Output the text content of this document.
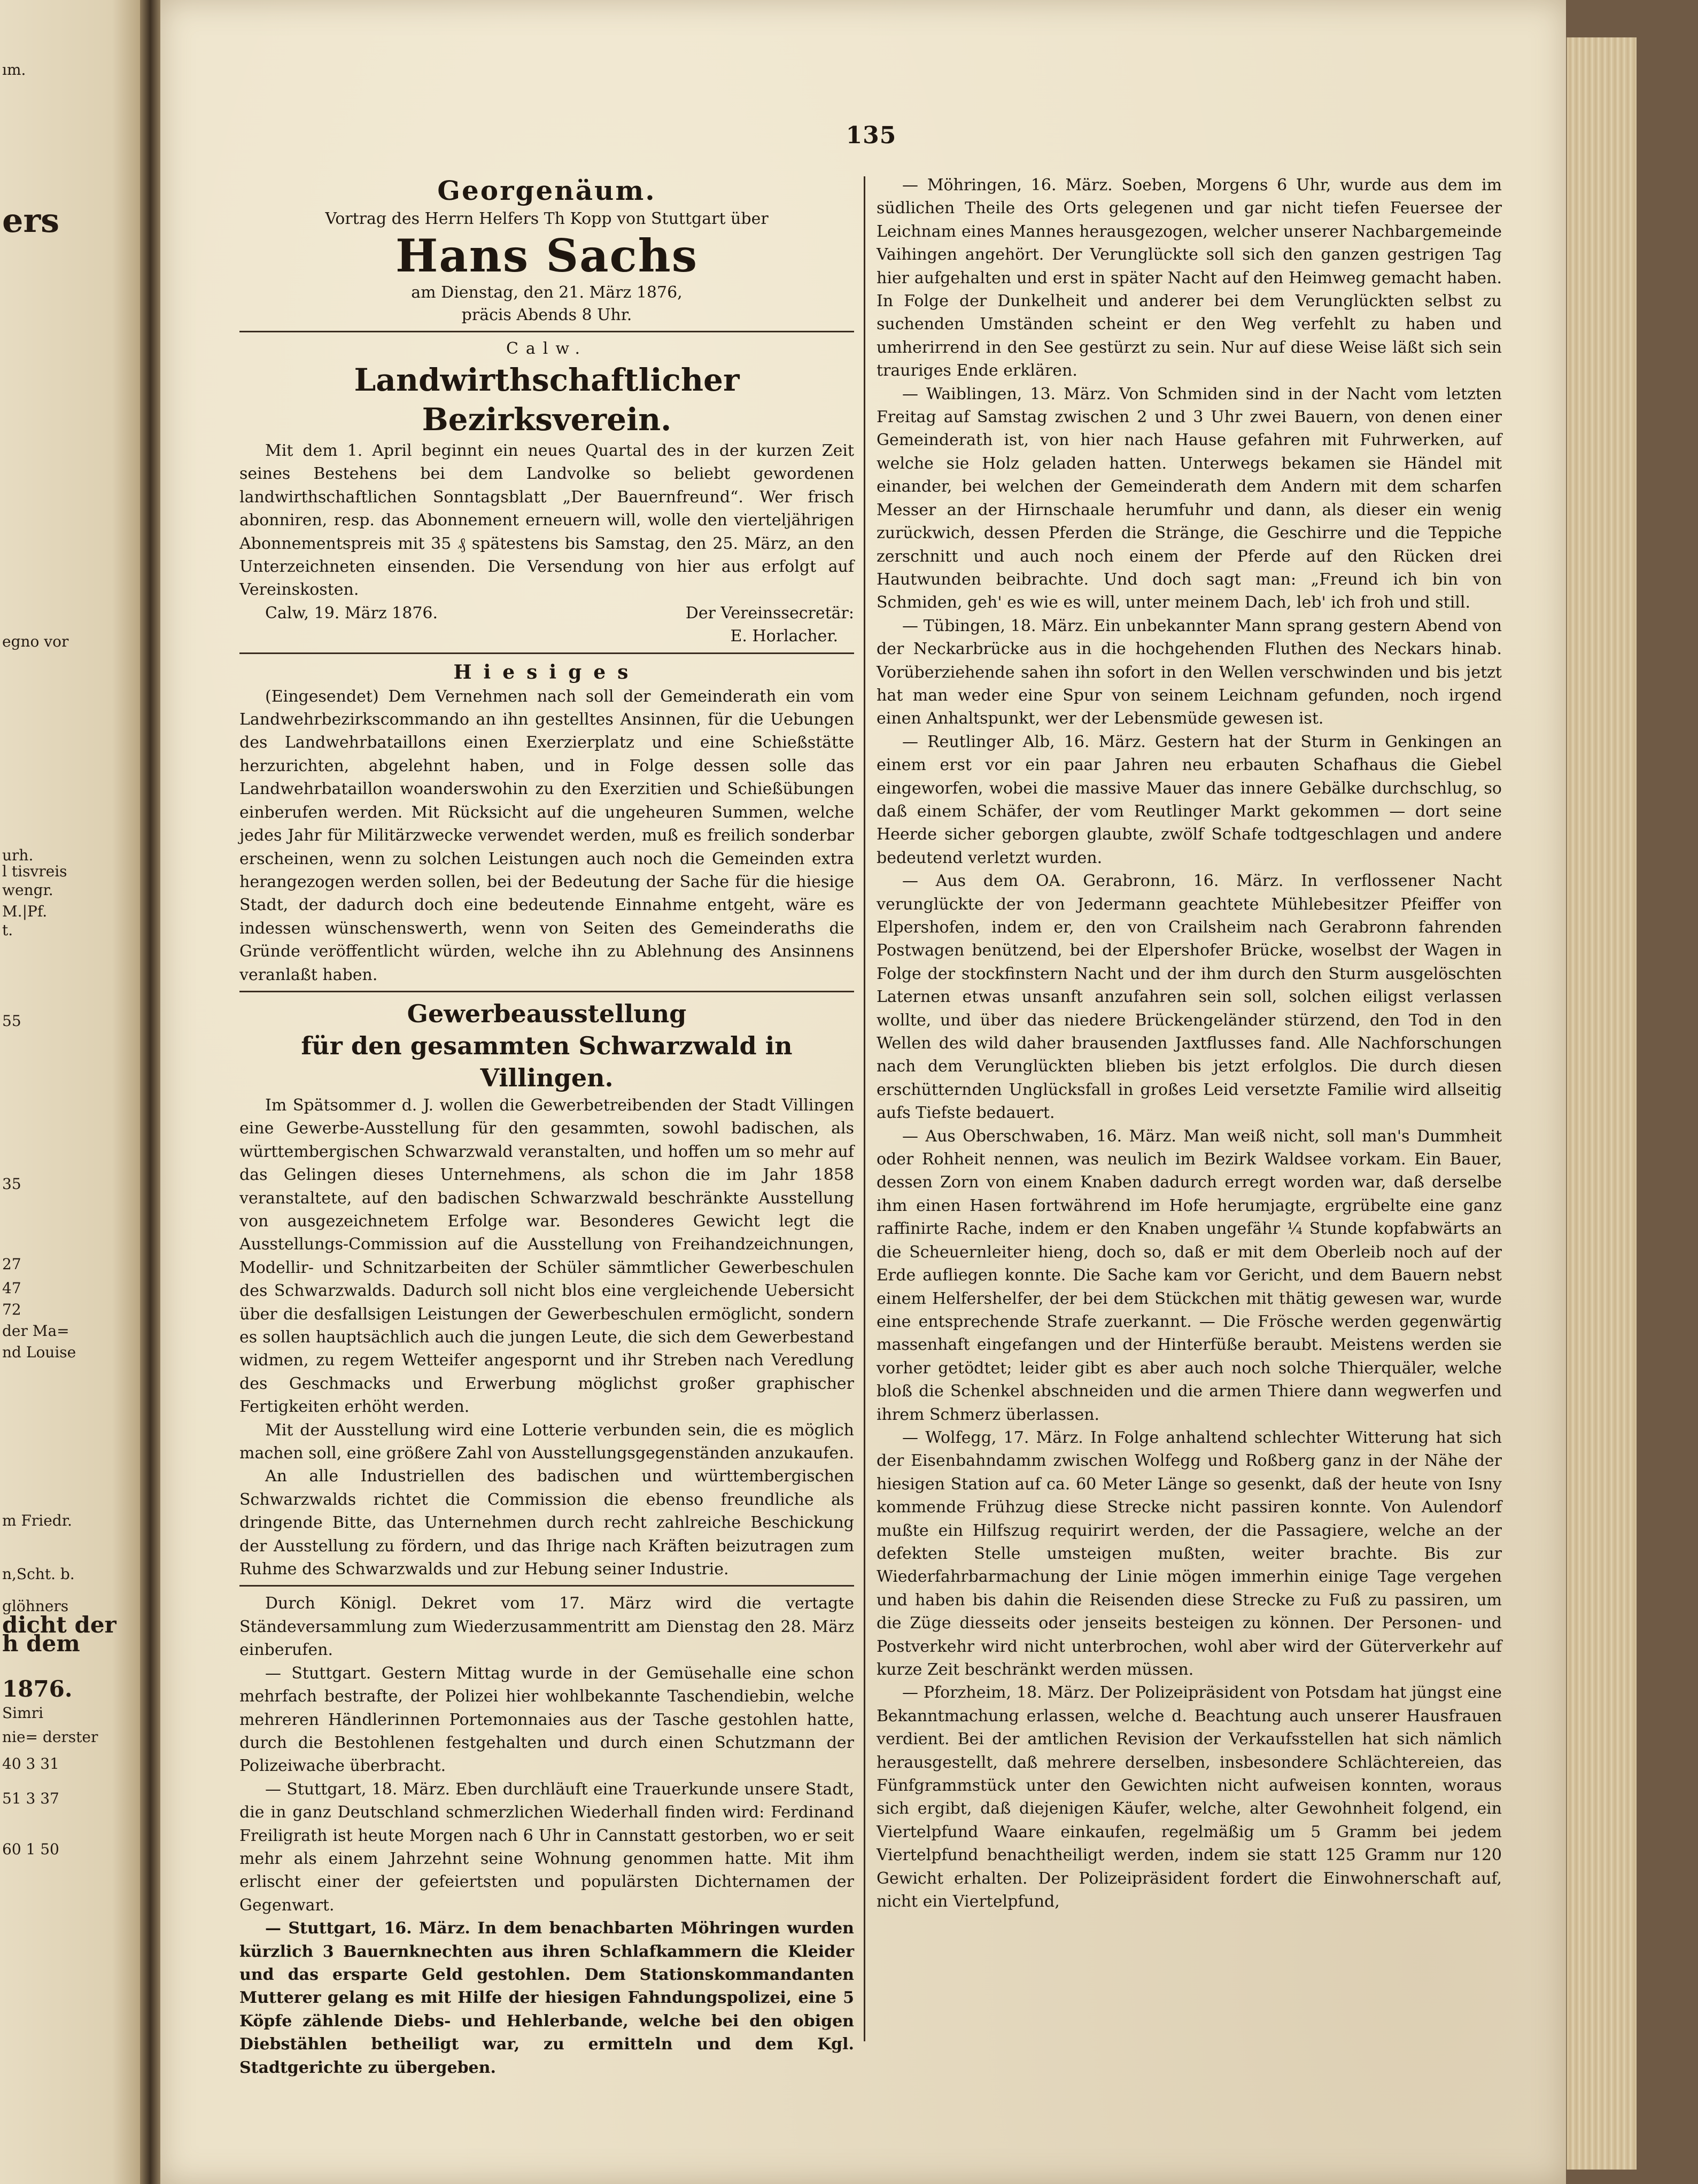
ım.
ers
egno vor
urh.
l tisvreis
wengr.
M.|Pf.
t.
55
35
27
47
72
der Ma=
nd Louise
m Friedr.
n,Scht. b.
glöhners
dicht der
h dem
1876.
Simri
nie= derster
40 3 31
51 3 37
60 1 50
135
Georgenäum.
Vortrag des Herrn Helfers Th Kopp von Stuttgart über
Hans Sachs
am Dienstag, den 21. März 1876,
präcis Abends 8 Uhr.
Calw.
Landwirthschaftlicher Bezirksverein.

Mit dem 1. April beginnt ein neues Quartal des in der kurzen Zeit seines Bestehens bei dem Landvolke so beliebt gewordenen landwirthschaftlichen Sonntagsblatt „Der Bauernfreund“. Wer frisch abonniren, resp. das Abonnement erneuern will, wolle den vierteljährigen Abonnementspreis mit 35 ₰ spätestens bis Samstag, den 25. März, an den Unterzeichneten einsenden. Die Versendung von hier aus erfolgt auf Vereinskosten.

Calw, 19. März 1876.	Der Vereinssecretär:
E. Horlacher.
Hiesiges

(Eingesendet) Dem Vernehmen nach soll der Gemeinderath ein vom Landwehrbezirkscommando an ihn gestelltes Ansinnen, für die Uebungen des Landwehrbataillons einen Exerzierplatz und eine Schießstätte herzurichten, abgelehnt haben, und in Folge dessen solle das Landwehrbataillon woanderswohin zu den Exerzitien und Schießübungen einberufen werden. Mit Rücksicht auf die ungeheuren Summen, welche jedes Jahr für Militärzwecke verwendet werden, muß es freilich sonderbar erscheinen, wenn zu solchen Leistungen auch noch die Gemeinden extra herangezogen werden sollen, bei der Bedeutung der Sache für die hiesige Stadt, der dadurch doch eine bedeutende Einnahme entgeht, wäre es indessen wünschenswerth, wenn von Seiten des Gemeinderaths die Gründe veröffentlicht würden, welche ihn zu Ablehnung des Ansinnens veranlaßt haben.

Gewerbeausstellung
für den gesammten Schwarzwald in Villingen.

Im Spätsommer d. J. wollen die Gewerbetreibenden der Stadt Villingen eine Gewerbe-Ausstellung für den gesammten, sowohl badischen, als württembergischen Schwarzwald veranstalten, und hoffen um so mehr auf das Gelingen dieses Unternehmens, als schon die im Jahr 1858 veranstaltete, auf den badischen Schwarzwald beschränkte Ausstellung von ausgezeichnetem Erfolge war. Besonderes Gewicht legt die Ausstellungs-Commission auf die Ausstellung von Freihandzeichnungen, Modellir- und Schnitzarbeiten der Schüler sämmtlicher Gewerbeschulen des Schwarzwalds. Dadurch soll nicht blos eine vergleichende Uebersicht über die desfallsigen Leistungen der Gewerbeschulen ermöglicht, sondern es sollen hauptsächlich auch die jungen Leute, die sich dem Gewerbestand widmen, zu regem Wetteifer angespornt und ihr Streben nach Veredlung des Geschmacks und Erwerbung möglichst großer graphischer Fertigkeiten erhöht werden.

Mit der Ausstellung wird eine Lotterie verbunden sein, die es möglich machen soll, eine größere Zahl von Ausstellungsgegenständen anzukaufen.

An alle Industriellen des badischen und württembergischen Schwarzwalds richtet die Commission die ebenso freundliche als dringende Bitte, das Unternehmen durch recht zahlreiche Beschickung der Ausstellung zu fördern, und das Ihrige nach Kräften beizutragen zum Ruhme des Schwarzwalds und zur Hebung seiner Industrie.

Durch Königl. Dekret vom 17. März wird die vertagte Ständeversammlung zum Wiederzusammentritt am Dienstag den 28. März einberufen.

— Stuttgart. Gestern Mittag wurde in der Gemüsehalle eine schon mehrfach bestrafte, der Polizei hier wohlbekannte Taschendiebin, welche mehreren Händlerinnen Portemonnaies aus der Tasche gestohlen hatte, durch die Bestohlenen festgehalten und durch einen Schutzmann der Polizeiwache überbracht.

— Stuttgart, 18. März. Eben durchläuft eine Trauerkunde unsere Stadt, die in ganz Deutschland schmerzlichen Wiederhall finden wird: Ferdinand Freiligrath ist heute Morgen nach 6 Uhr in Cannstatt gestorben, wo er seit mehr als einem Jahrzehnt seine Wohnung genommen hatte. Mit ihm erlischt einer der gefeiertsten und populärsten Dichternamen der Gegenwart.

— Stuttgart, 16. März. In dem benachbarten Möhringen wurden kürzlich 3 Bauernknechten aus ihren Schlafkammern die Kleider und das ersparte Geld gestohlen. Dem Stationskommandanten Mutterer gelang es mit Hilfe der hiesigen Fahndungspolizei, eine 5 Köpfe zählende Diebs- und Hehlerbande, welche bei den obigen Diebstählen betheiligt war, zu ermitteln und dem Kgl. Stadtgerichte zu übergeben.

— Möhringen, 16. März. Soeben, Morgens 6 Uhr, wurde aus dem im südlichen Theile des Orts gelegenen und gar nicht tiefen Feuersee der Leichnam eines Mannes herausgezogen, welcher unserer Nachbargemeinde Vaihingen angehört. Der Verunglückte soll sich den ganzen gestrigen Tag hier aufgehalten und erst in später Nacht auf den Heimweg gemacht haben. In Folge der Dunkelheit und anderer bei dem Verunglückten selbst zu suchenden Umständen scheint er den Weg verfehlt zu haben und umherirrend in den See gestürzt zu sein. Nur auf diese Weise läßt sich sein trauriges Ende erklären.

— Waiblingen, 13. März. Von Schmiden sind in der Nacht vom letzten Freitag auf Samstag zwischen 2 und 3 Uhr zwei Bauern, von denen einer Gemeinderath ist, von hier nach Hause gefahren mit Fuhrwerken, auf welche sie Holz geladen hatten. Unterwegs bekamen sie Händel mit einander, bei welchen der Gemeinderath dem Andern mit dem scharfen Messer an der Hirnschaale herumfuhr und dann, als dieser ein wenig zurückwich, dessen Pferden die Stränge, die Geschirre und die Teppiche zerschnitt und auch noch einem der Pferde auf den Rücken drei Hautwunden beibrachte. Und doch sagt man: „Freund ich bin von Schmiden, geh' es wie es will, unter meinem Dach, leb' ich froh und still.

— Tübingen, 18. März. Ein unbekannter Mann sprang gestern Abend von der Neckarbrücke aus in die hochgehenden Fluthen des Neckars hinab. Vorüberziehende sahen ihn sofort in den Wellen verschwinden und bis jetzt hat man weder eine Spur von seinem Leichnam gefunden, noch irgend einen Anhaltspunkt, wer der Lebensmüde gewesen ist.

— Reutlinger Alb, 16. März. Gestern hat der Sturm in Genkingen an einem erst vor ein paar Jahren neu erbauten Schafhaus die Giebel eingeworfen, wobei die massive Mauer das innere Gebälke durchschlug, so daß einem Schäfer, der vom Reutlinger Markt gekommen — dort seine Heerde sicher geborgen glaubte, zwölf Schafe todtgeschlagen und andere bedeutend verletzt wurden.

— Aus dem OA. Gerabronn, 16. März. In verflossener Nacht verunglückte der von Jedermann geachtete Mühlebesitzer Pfeiffer von Elpershofen, indem er, den von Crailsheim nach Gerabronn fahrenden Postwagen benützend, bei der Elpershofer Brücke, woselbst der Wagen in Folge der stockfinstern Nacht und der ihm durch den Sturm ausgelöschten Laternen etwas unsanft anzufahren sein soll, solchen eiligst verlassen wollte, und über das niedere Brückengeländer stürzend, den Tod in den Wellen des wild daher brausenden Jaxtflusses fand. Alle Nachforschungen nach dem Verunglückten blieben bis jetzt erfolglos. Die durch diesen erschütternden Unglücksfall in großes Leid versetzte Familie wird allseitig aufs Tiefste bedauert.

— Aus Oberschwaben, 16. März. Man weiß nicht, soll man's Dummheit oder Rohheit nennen, was neulich im Bezirk Waldsee vorkam. Ein Bauer, dessen Zorn von einem Knaben dadurch erregt worden war, daß derselbe ihm einen Hasen fortwährend im Hofe herumjagte, ergrübelte eine ganz raffinirte Rache, indem er den Knaben ungefähr ¼ Stunde kopfabwärts an die Scheuernleiter hieng, doch so, daß er mit dem Oberleib noch auf der Erde aufliegen konnte. Die Sache kam vor Gericht, und dem Bauern nebst einem Helfershelfer, der bei dem Stückchen mit thätig gewesen war, wurde eine entsprechende Strafe zuerkannt. — Die Frösche werden gegenwärtig massenhaft eingefangen und der Hinterfüße beraubt. Meistens werden sie vorher getödtet; leider gibt es aber auch noch solche Thierquäler, welche bloß die Schenkel abschneiden und die armen Thiere dann wegwerfen und ihrem Schmerz überlassen.

— Wolfegg, 17. März. In Folge anhaltend schlechter Witterung hat sich der Eisenbahndamm zwischen Wolfegg und Roßberg ganz in der Nähe der hiesigen Station auf ca. 60 Meter Länge so gesenkt, daß der heute von Isny kommende Frühzug diese Strecke nicht passiren konnte. Von Aulendorf mußte ein Hilfszug requirirt werden, der die Passagiere, welche an der defekten Stelle umsteigen mußten, weiter brachte. Bis zur Wiederfahrbarmachung der Linie mögen immerhin einige Tage vergehen und haben bis dahin die Reisenden diese Strecke zu Fuß zu passiren, um die Züge diesseits oder jenseits besteigen zu können. Der Personen- und Postverkehr wird nicht unterbrochen, wohl aber wird der Güterverkehr auf kurze Zeit beschränkt werden müssen.

— Pforzheim, 18. März. Der Polizeipräsident von Potsdam hat jüngst eine Bekanntmachung erlassen, welche d. Beachtung auch unserer Hausfrauen verdient. Bei der amtlichen Revision der Verkaufsstellen hat sich nämlich herausgestellt, daß mehrere derselben, insbesondere Schlächtereien, das Fünfgrammstück unter den Gewichten nicht aufweisen konnten, woraus sich ergibt, daß diejenigen Käufer, welche, alter Gewohnheit folgend, ein Viertelpfund Waare einkaufen, regelmäßig um 5 Gramm bei jedem Viertelpfund benachtheiligt werden, indem sie statt 125 Gramm nur 120 Gewicht erhalten. Der Polizeipräsident fordert die Einwohnerschaft auf, nicht ein Viertelpfund,
